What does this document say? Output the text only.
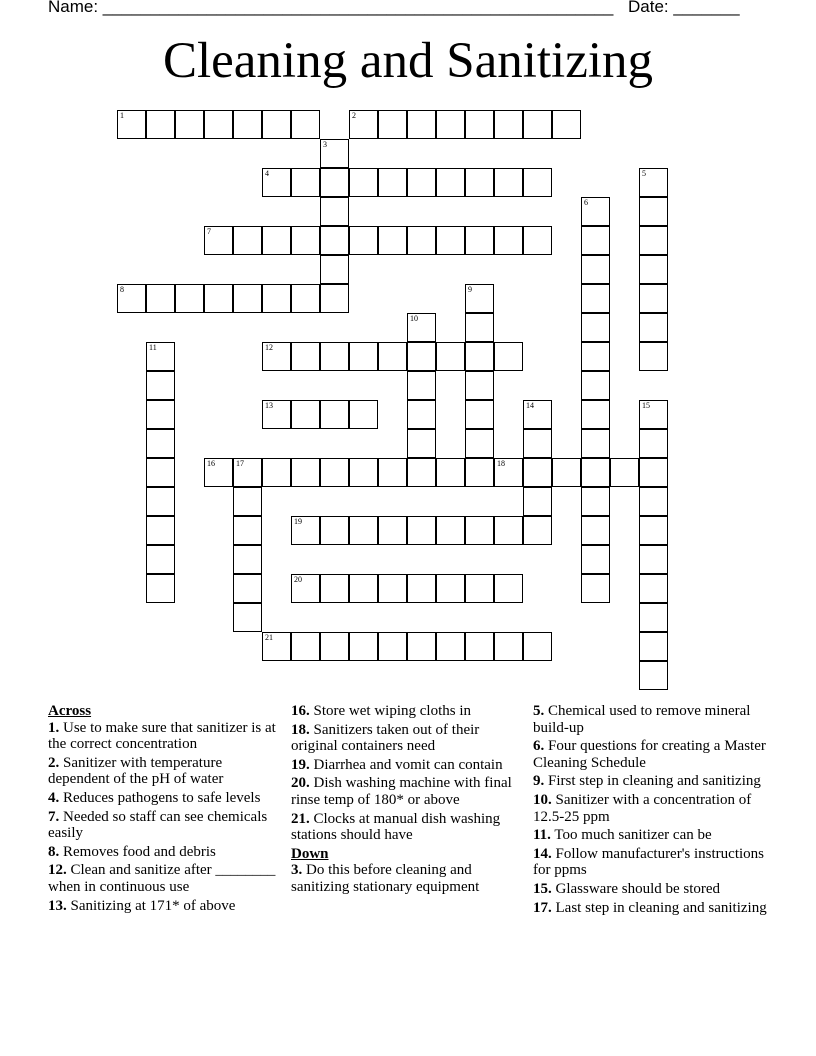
Name: ______________________________________________________ Date: _______
Cleaning and Sanitizing
1	2
3
4	5
6
7
8	9
10
11	12
13	14	15
16	17	18
19
20
21
Across
1. Use to make sure that sanitizer is at the correct concentration
2. Sanitizer with temperature dependent of the pH of water
4. Reduces pathogens to safe levels
7. Needed so staff can see chemicals easily
8. Removes food and debris
12. Clean and sanitize after ________ when in continuous use
13. Sanitizing at 171* of above
16. Store wet wiping cloths in
18. Sanitizers taken out of their original containers need
19. Diarrhea and vomit can contain
20. Dish washing machine with final rinse temp of 180* or above
21. Clocks at manual dish washing stations should have
Down
3. Do this before cleaning and sanitizing stationary equipment
5. Chemical used to remove mineral build-up
6. Four questions for creating a Master Cleaning Schedule
9. First step in cleaning and sanitizing
10. Sanitizer with a concentration of 12.5-25 ppm
11. Too much sanitizer can be
14. Follow manufacturer's instructions for ppms
15. Glassware should be stored
17. Last step in cleaning and sanitizing
